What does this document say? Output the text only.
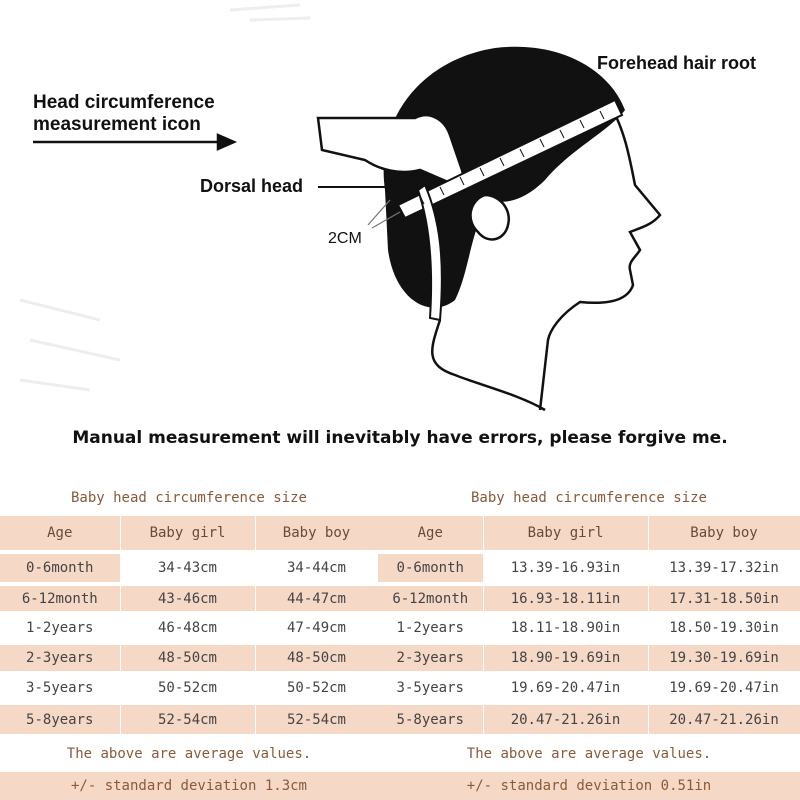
Head circumference
measurement icon
Forehead hair root
Dorsal head
2CM
Manual measurement will inevitably have errors, please forgive me.
Baby head circumference size		
Age	Baby girl	Baby boy
0-6month	34-43cm	34-44cm
6-12month	43-46cm	44-47cm
1-2years	46-48cm	47-49cm
2-3years	48-50cm	48-50cm
3-5years	50-52cm	50-52cm
5-8years	52-54cm	52-54cm
The above are average values.		
+/- standard deviation 1.3cm		
Baby head circumference size		
Age	Baby girl	Baby boy
0-6month	13.39-16.93in	13.39-17.32in
6-12month	16.93-18.11in	17.31-18.50in
1-2years	18.11-18.90in	18.50-19.30in
2-3years	18.90-19.69in	19.30-19.69in
3-5years	19.69-20.47in	19.69-20.47in
5-8years	20.47-21.26in	20.47-21.26in
The above are average values.		
+/- standard deviation 0.51in		
